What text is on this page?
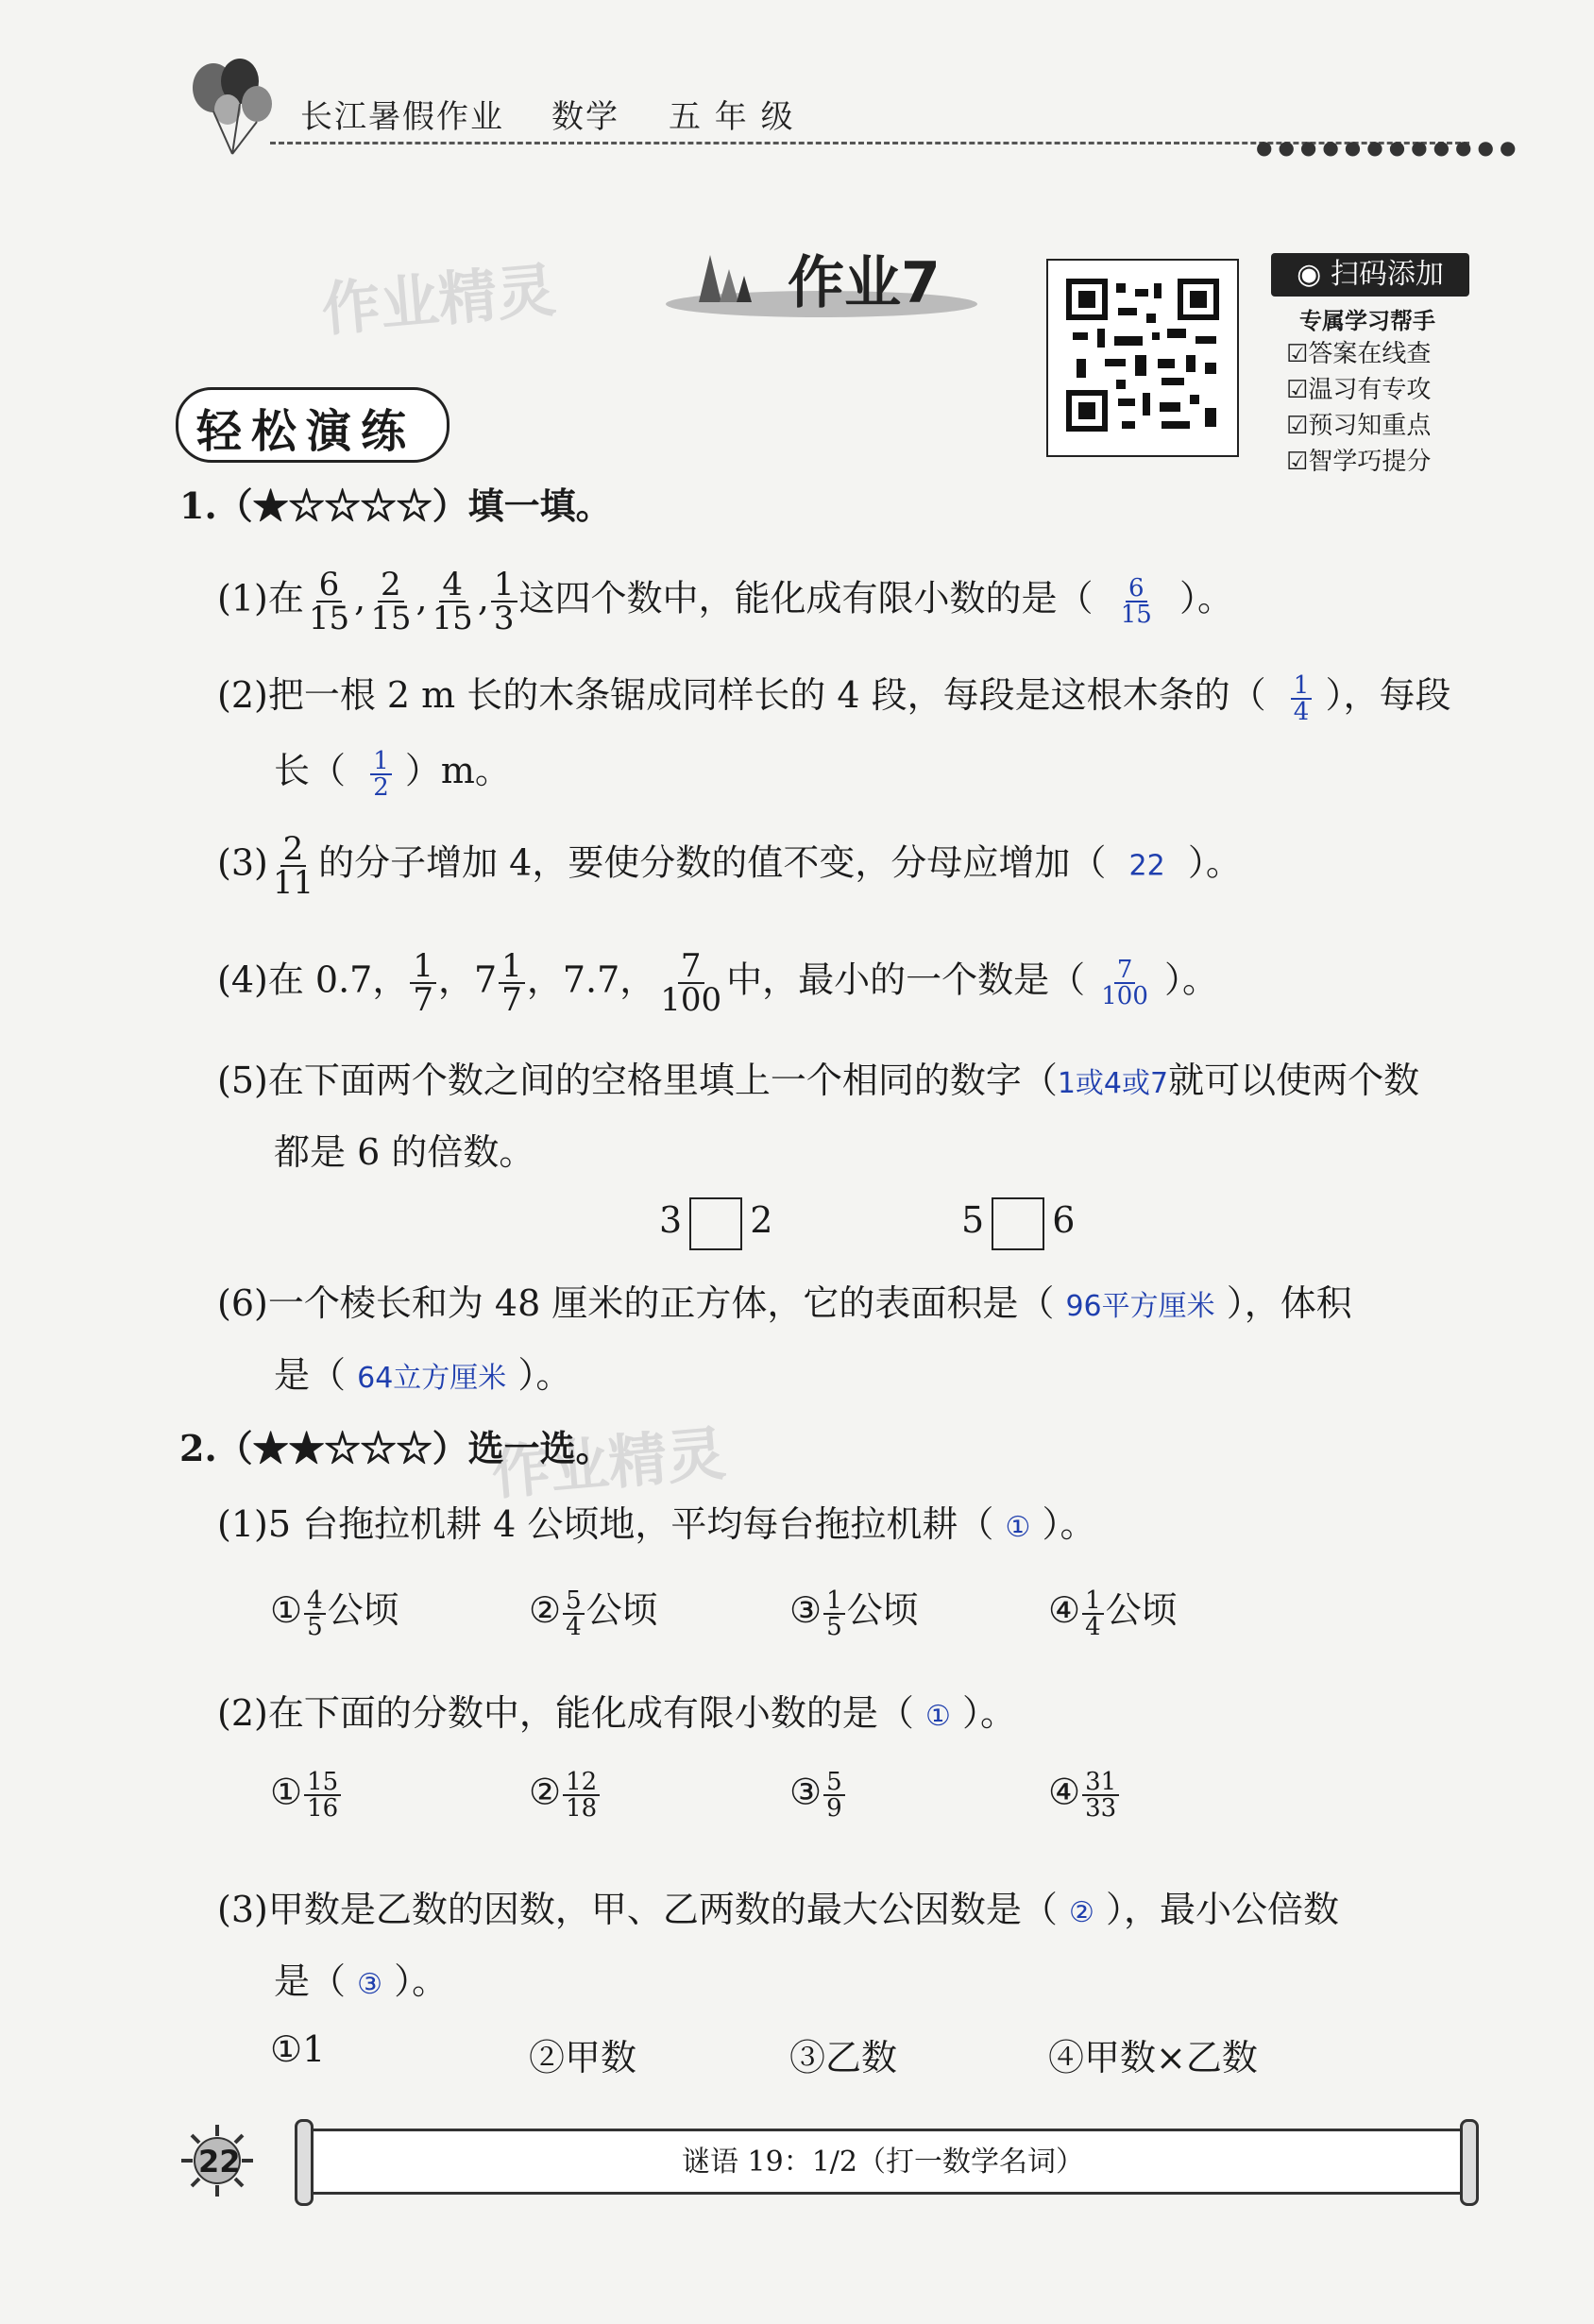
长江暑假作业 数学 五 年 级
●●●●●●●●●●●●
作业精灵	作业7	◉ 扫码添加
专属学习帮手
☑答案在线查
☑温习有专攻
☑预习知重点
☑智学巧提分
轻松演练
1.（★☆☆☆☆）填一填。
(1)在 $\frac{6}{15}$ , $\frac{2}{15}$ , $\frac{4}{15}$ , $\frac{1}{3}$ 这四个数中，能化成有限小数的是（ $\frac{6}{15}$ ）。
(2)把一根 2 m 长的木条锯成同样长的 4 段，每段是这根木条的（ $\frac{1}{4}$ ），每段
长（ $\frac{1}{2} )m$。
$(3) \frac{2}{11}$ 的分子增加 4，要使分数的值不变，分母应增加（ 22 ）。
(4)在 0.7， $\frac{1}{7}$ ，$7 \frac{1}{7}$ ，7.7， $\frac{7}{100}$ 中，最小的一个数是（ $\frac{7}{100}$ ）。
(5)在下面两个数之间的空格里填上一个相同的数字（1或4或7就可以使两个数
都是 6 的倍数。
3 2	5 6
(6)一个棱长和为 48 厘米的正方体，它的表面积是（ 96平方厘米 ），体积
是（ 64立方厘米 ）。
作业精灵
2.（★★☆☆☆）选一选。
(1)5 台拖拉机耕 4 公顷地，平均每台拖拉机耕（ ① ）。
① $\frac{4}{5}$ 公顷	② $\frac{5}{4}$ 公顷	③ $\frac{1}{5}$ 公顷	④ $\frac{1}{4}$ 公顷
(2)在下面的分数中，能化成有限小数的是（ ① ）。
① $\frac{15}{16}$	② $\frac{12}{18}$	③ $\frac{5}{9}$	④ $\frac{31}{33}$
(3)甲数是乙数的因数，甲、乙两数的最大公因数是（ ② ），最小公倍数
是（ ③ ）。
①1	②甲数	③乙数	④甲数×乙数
22	谜语 19：1/2（打一数学名词）
